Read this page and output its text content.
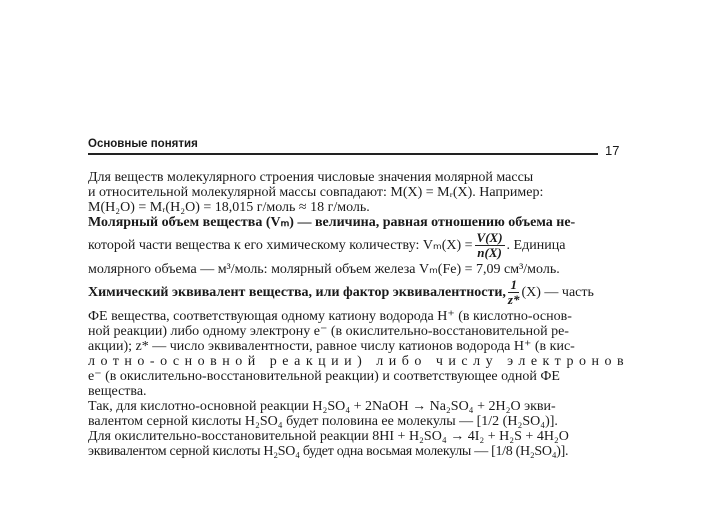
Основные понятия	17
Для веществ молекулярного строения числовые значения молярной массы
и относительной молекулярной массы совпадают: M(X) = Mᵣ(X). Например:
M(H₂O) = Mᵣ(H₂O) = 18,015 г/моль ≈ 18 г/моль.
Молярный объем вещества (Vₘ) — величина, равная отношению объема не-
которой части вещества к его химическому количеству: $V_m(X) = \frac{V(X)}{n(X)}$ . Единица
молярного объема — м³/моль: молярный объем железа Vₘ(Fe) = 7,09 см³/моль.
Химический эквивалент вещества, или фактор эквивалентности, $\frac{1}{z*} (X)$ — часть
ФЕ вещества, соответствующая одному катиону водорода H⁺ (в кислотно-основ-
ной реакции) либо одному электрону e⁻ (в окислительно-восстановительной ре-
акции); z* — число эквивалентности, равное числу катионов водорода H⁺ (в кис-
лотно-основной реакции) либо числу электронов
e⁻ (в окислительно-восстановительной реакции) и соответствующее одной ФЕ
вещества.
Так, для кислотно-основной реакции H₂SO₄ + 2NaOH → Na₂SO₄ + 2H₂O экви-
валентом серной кислоты H₂SO₄ будет половина ее молекулы — [1/2 (H₂SO₄)].
Для окислительно-восстановительной реакции 8HI + H₂SO₄ → 4I₂ + H₂S + 4H₂O
эквивалентом серной кислоты H₂SO₄ будет одна восьмая молекулы — [1/8 (H₂SO₄)].
